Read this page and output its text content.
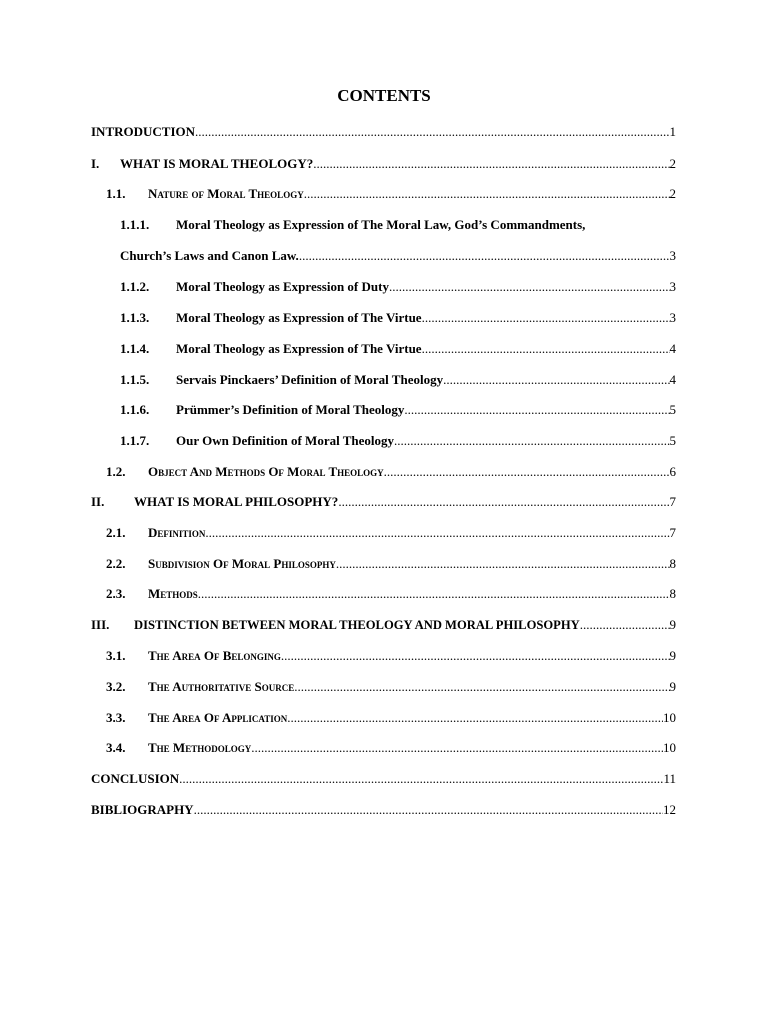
CONTENTS
INTRODUCTION .....	1
I. WHAT IS MORAL THEOLOGY? .....	2
1.1. Nature of Moral Theology .....	2
1.1.1. Moral Theology as Expression of The Moral Law, God’s Commandments,
Church’s Laws and Canon Law. .....	3
1.1.2. Moral Theology as Expression of Duty .....	3
1.1.3. Moral Theology as Expression of The Virtue .....	3
1.1.4. Moral Theology as Expression of The Virtue .....	4
1.1.5. Servais Pinckaers’ Definition of Moral Theology .....	4
1.1.6. Prümmer’s Definition of Moral Theology .....	5
1.1.7. Our Own Definition of Moral Theology .....	5
1.2. Object And Methods Of Moral Theology .....	6
II. WHAT IS MORAL PHILOSOPHY? .....	7
2.1. Definition .....	7
2.2. Subdivision Of Moral Philosophy .....	8
2.3. Methods .....	8
III. DISTINCTION BETWEEN MORAL THEOLOGY AND MORAL PHILOSOPHY .....	9
3.1. The Area Of Belonging .....	9
3.2. The Authoritative Source .....	9
3.3. The Area Of Application .....	10
3.4. The Methodology .....	10
CONCLUSION .....	11
BIBLIOGRAPHY .....	12
